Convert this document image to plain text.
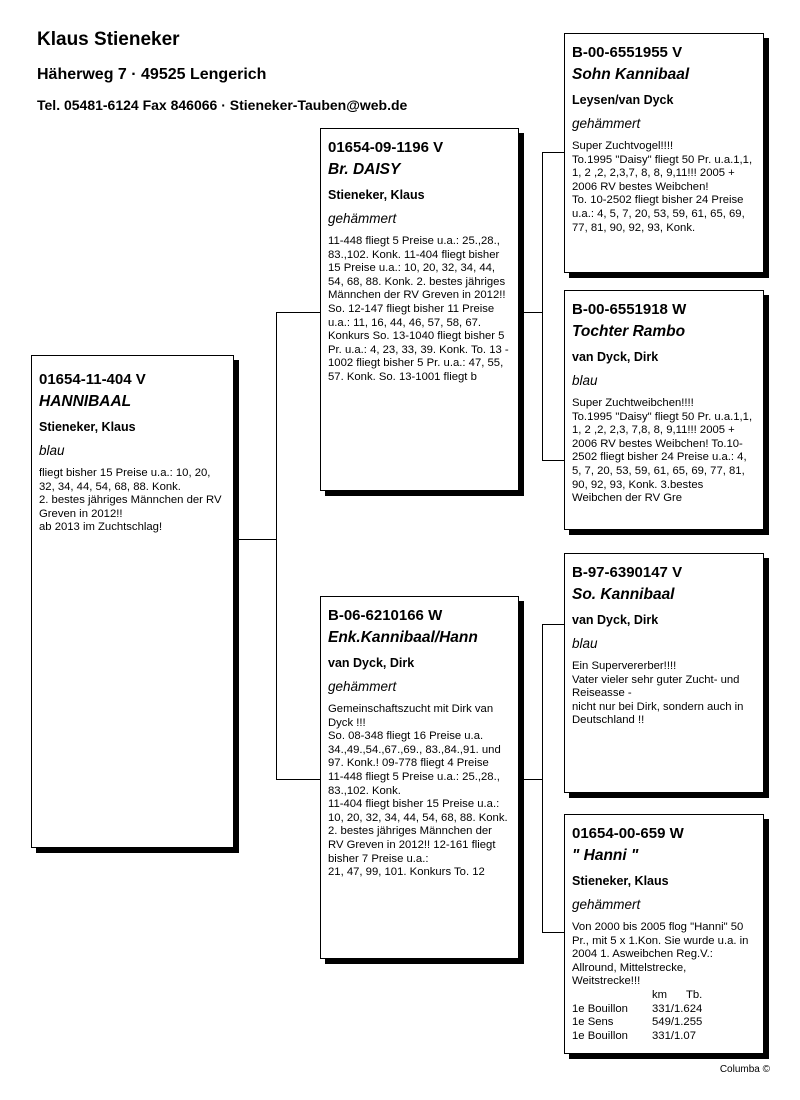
Klaus Stieneker
Häherweg 7 · 49525 Lengerich
Tel. 05481-6124 Fax 846066 · Stieneker-Tauben@web.de
01654-11-404 V
HANNIBAAL
Stieneker, Klaus
blau
fliegt bisher 15 Preise u.a.: 10, 20, 32, 34, 44, 54, 68, 88. Konk.
2. bestes jähriges Männchen der RV Greven in 2012!!
ab 2013 im Zuchtschlag!
01654-09-1196 V
Br. DAISY
Stieneker, Klaus
gehämmert
11-448 fliegt 5 Preise u.a.: 25.,28., 83.,102. Konk. 11-404 fliegt bisher 15 Preise u.a.: 10, 20, 32, 34, 44, 54, 68, 88. Konk. 2. bestes jähriges Männchen der RV Greven in 2012!! So. 12-147 fliegt bisher 11 Preise u.a.: 11, 16, 44, 46, 57, 58, 67. Konkurs So. 13-1040 fliegt bisher 5 Pr. u.a.: 4, 23, 33, 39. Konk. To. 13 - 1002 fliegt bisher 5 Pr. u.a.: 47, 55, 57. Konk. So. 13-1001 fliegt b
B-06-6210166 W
Enk.Kannibaal/Hann
van Dyck, Dirk
gehämmert
Gemeinschaftszucht mit Dirk van Dyck !!!
So. 08-348 fliegt 16 Preise u.a. 34.,49.,54.,67.,69., 83.,84.,91. und 97. Konk.! 09-778 fliegt 4 Preise
11-448 fliegt 5 Preise u.a.: 25.,28., 83.,102. Konk.
11-404 fliegt bisher 15 Preise u.a.: 10, 20, 32, 34, 44, 54, 68, 88. Konk.
2. bestes jähriges Männchen der RV Greven in 2012!! 12-161 fliegt bisher 7 Preise u.a.:
21, 47, 99, 101. Konkurs To. 12
B-00-6551955 V
Sohn Kannibaal
Leysen/van Dyck
gehämmert
Super Zuchtvogel!!!!
To.1995 "Daisy" fliegt 50 Pr. u.a.1,1, 1, 2 ,2, 2,3,7, 8, 8, 9,11!!! 2005 + 2006 RV bestes Weibchen!
To. 10-2502 fliegt bisher 24 Preise u.a.: 4, 5, 7, 20, 53, 59, 61, 65, 69, 77, 81, 90, 92, 93, Konk.
B-00-6551918 W
Tochter Rambo
van Dyck, Dirk
blau
Super Zuchtweibchen!!!!
To.1995 "Daisy" fliegt 50 Pr. u.a.1,1, 1, 2 ,2, 2,3, 7,8, 8, 9,11!!! 2005 + 2006 RV bestes Weibchen! To.10-2502 fliegt bisher 24 Preise u.a.: 4, 5, 7, 20, 53, 59, 61, 65, 69, 77, 81, 90, 92, 93, Konk. 3.bestes Weibchen der RV Gre
B-97-6390147 V
So. Kannibaal
van Dyck, Dirk
blau
Ein Supervererber!!!!
Vater vieler sehr guter Zucht- und Reiseasse -
nicht nur bei Dirk, sondern auch in Deutschland !!
01654-00-659 W
" Hanni "
Stieneker, Klaus
gehämmert
Von 2000 bis 2005 flog "Hanni" 50 Pr., mit 5 x 1.Kon. Sie wurde u.a. in 2004 1. Asweibchen Reg.V.: Allround, Mittelstrecke, Weitstrecke!!!
km	Tb.
1e Bouillon	331/1.624
1e Sens	549/1.255
1e Bouillon	331/1.07
Columba ©
